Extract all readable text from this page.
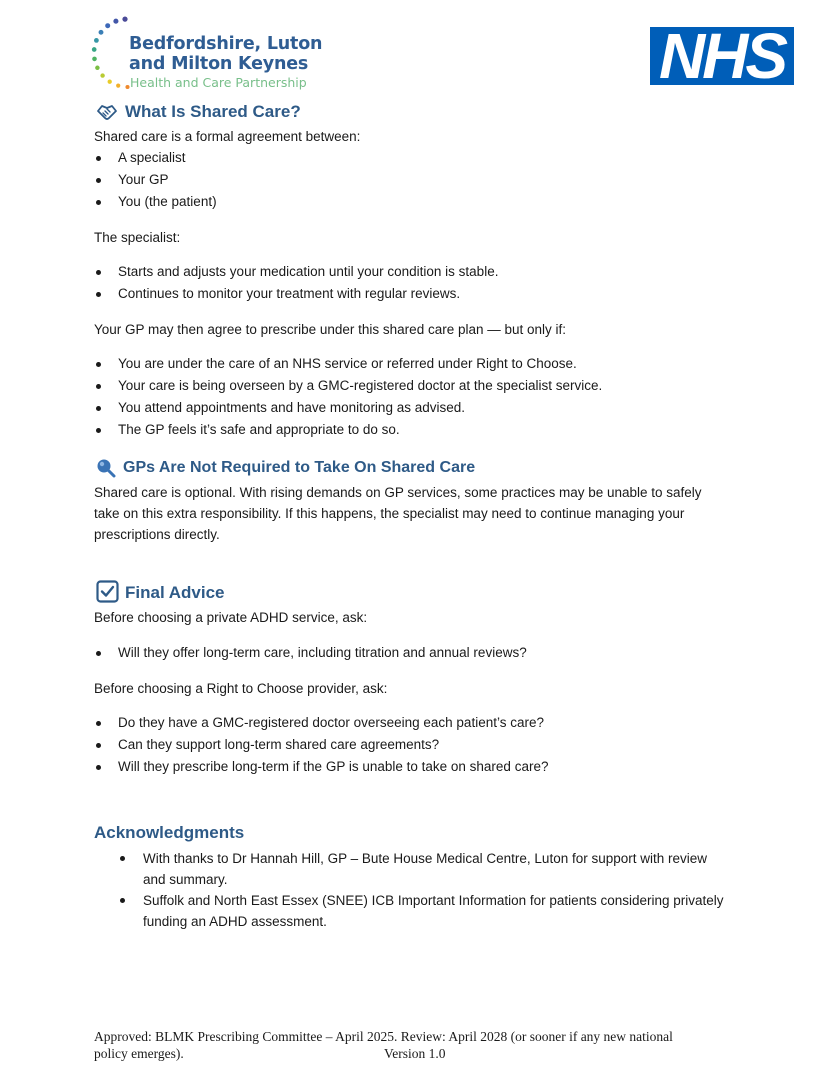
Bedfordshire, Luton
and Milton Keynes
Health and Care Partnership	NHS
What Is Shared Care?
Shared care is a formal agreement between:
A specialist
Your GP
You (the patient)
The specialist:
Starts and adjusts your medication until your condition is stable.
Continues to monitor your treatment with regular reviews.
Your GP may then agree to prescribe under this shared care plan — but only if:
You are under the care of an NHS service or referred under Right to Choose.
Your care is being overseen by a GMC-registered doctor at the specialist service.
You attend appointments and have monitoring as advised.
The GP feels it’s safe and appropriate to do so.
GPs Are Not Required to Take On Shared Care
Shared care is optional. With rising demands on GP services, some practices may be unable to safely
take on this extra responsibility. If this happens, the specialist may need to continue managing your
prescriptions directly.
Final Advice
Before choosing a private ADHD service, ask:
Will they offer long-term care, including titration and annual reviews?
Before choosing a Right to Choose provider, ask:
Do they have a GMC-registered doctor overseeing each patient’s care?
Can they support long-term shared care agreements?
Will they prescribe long-term if the GP is unable to take on shared care?
Acknowledgments
With thanks to Dr Hannah Hill, GP – Bute House Medical Centre, Luton for support with review
and summary.
Suffolk and North East Essex (SNEE) ICB Important Information for patients considering privately
funding an ADHD assessment.
Approved: BLMK Prescribing Committee – April 2025. Review: April 2028 (or sooner if any new national
policy emerges).	Version 1.0
